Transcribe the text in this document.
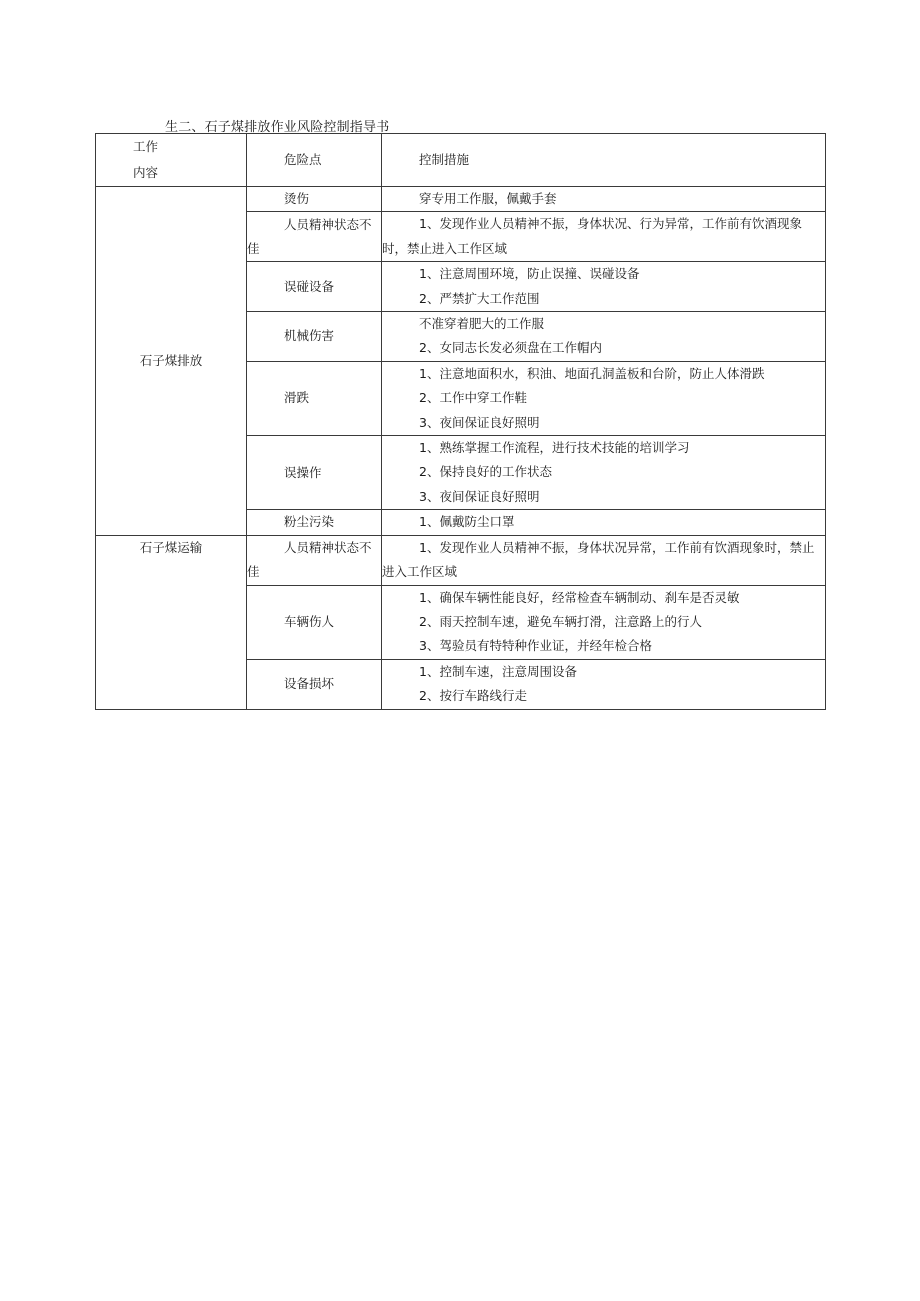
生二、石子煤排放作业风险控制指导书
工作
内容	危险点	控制措施

石子煤排放	烫伤	穿专用工作服，佩戴手套

	人员精神状态不佳	1、发现作业人员精神不振，身体状况、行为异常，工作前有饮酒现象时，禁止进入工作区域

	误碰设备	1、注意周围环境，防止误撞、误碰设备
2、严禁扩大工作范围

	机械伤害	不准穿着肥大的工作服
2、女同志长发必须盘在工作帽内

	滑跌	1、注意地面积水，积油、地面孔洞盖板和台阶，防止人体滑跌
2、工作中穿工作鞋
3、夜间保证良好照明

	误操作	1、熟练掌握工作流程，进行技术技能的培训学习
2、保持良好的工作状态
3、夜间保证良好照明

	粉尘污染	1、佩戴防尘口罩

石子煤运输	人员精神状态不佳	1、发现作业人员精神不振，身体状况异常，工作前有饮酒现象时，禁止进入工作区域

	车辆伤人	1、确保车辆性能良好，经常检查车辆制动、刹车是否灵敏
2、雨天控制车速，避免车辆打滑，注意路上的行人
3、驾验员有特特种作业证，并经年检合格

	设备损坏	1、控制车速，注意周围设备
2、按行车路线行走
